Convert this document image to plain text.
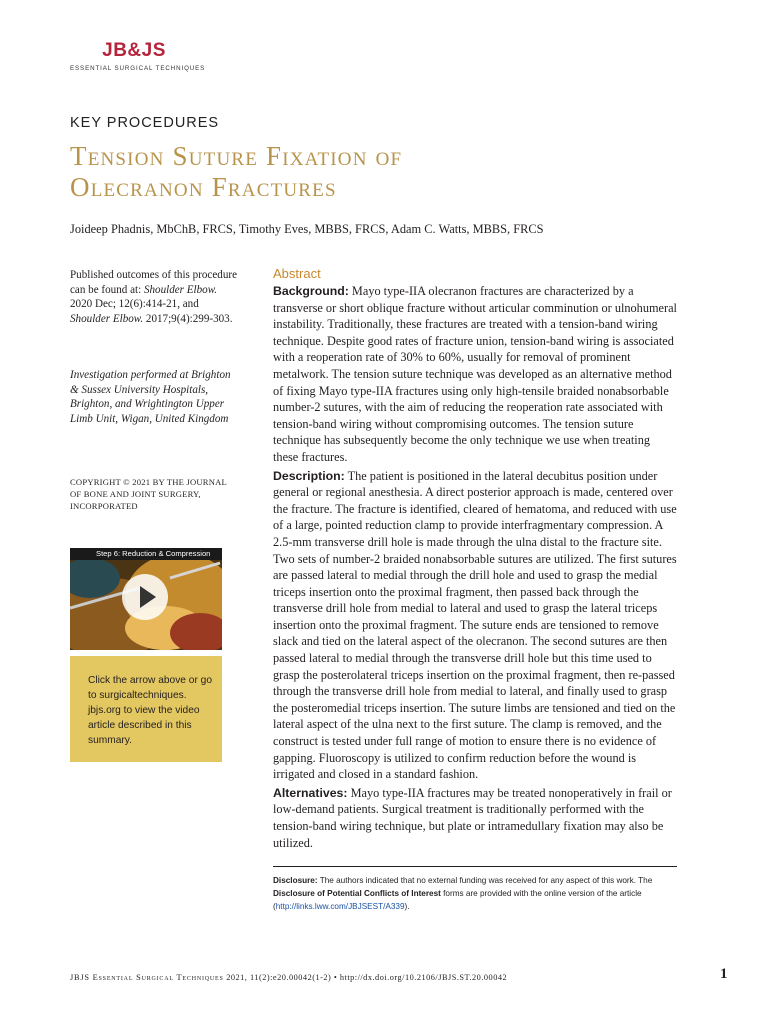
JB&JS
ESSENTIAL SURGICAL TECHNIQUES
KEY PROCEDURES
Tension Suture Fixation of
Olecranon Fractures
Joideep Phadnis, MbChB, FRCS, Timothy Eves, MBBS, FRCS, Adam C. Watts, MBBS, FRCS
Published outcomes of this procedure can be found at: Shoulder Elbow. 2020 Dec; 12(6):414-21, and Shoulder Elbow. 2017;9(4):299-303.
Investigation performed at Brighton & Sussex University Hospitals, Brighton, and Wrightington Upper Limb Unit, Wigan, United Kingdom
COPYRIGHT © 2021 BY THE JOURNAL OF BONE AND JOINT SURGERY, INCORPORATED
Step 6: Reduction & Compression
Click the arrow above or go to surgicaltechniques. jbjs.org to view the video article described in this summary.
Abstract

Background: Mayo type-IIA olecranon fractures are characterized by a transverse or short oblique fracture without articular comminution or ulnohumeral instability. Traditionally, these fractures are treated with a tension-band wiring technique. Despite good rates of fracture union, tension-band wiring is associated with a reoperation rate of 30% to 60%, usually for removal of prominent metalwork. The tension suture technique was developed as an alternative method of fixing Mayo type-IIA fractures using only high-tensile braided nonabsorbable number-2 sutures, with the aim of reducing the reoperation rate associated with tension-band wiring without compromising outcomes. The tension suture technique has subsequently become the only technique we use when treating these fractures.

Description: The patient is positioned in the lateral decubitus position under general or regional anesthesia. A direct posterior approach is made, centered over the fracture. The fracture is identified, cleared of hematoma, and reduced with use of a large, pointed reduction clamp to provide interfragmentary compression. A 2.5-mm transverse drill hole is made through the ulna distal to the fracture site. Two sets of number-2 braided nonabsorbable sutures are utilized. The first sutures are passed lateral to medial through the drill hole and used to grasp the medial triceps insertion onto the proximal fragment, then passed back through the transverse drill hole from medial to lateral and used to grasp the lateral triceps insertion onto the proximal fragment. The suture ends are tensioned to remove slack and tied on the lateral aspect of the olecranon. The second sutures are then passed lateral to medial through the transverse drill hole but this time used to grasp the posterolateral triceps insertion on the proximal fragment, then re-passed through the transverse drill hole from medial to lateral, and finally used to grasp the posteromedial triceps insertion. The suture limbs are tensioned and tied on the lateral aspect of the ulna next to the first suture. The clamp is removed, and the construct is tested under full range of motion to ensure there is no evidence of gapping. Fluoroscopy is utilized to confirm reduction before the wound is irrigated and closed in a standard fashion.

Alternatives: Mayo type-IIA fractures may be treated nonoperatively in frail or low-demand patients. Surgical treatment is traditionally performed with the tension-band wiring technique, but plate or intramedullary fixation may also be utilized.

Disclosure: The authors indicated that no external funding was received for any aspect of this work. The Disclosure of Potential Conflicts of Interest forms are provided with the online version of the article (http://links.lww.com/JBJSEST/A339).
JBJS Essential Surgical Techniques 2021, 11(2):e20.00042(1-2) • http://dx.doi.org/10.2106/JBJS.ST.20.00042	1
